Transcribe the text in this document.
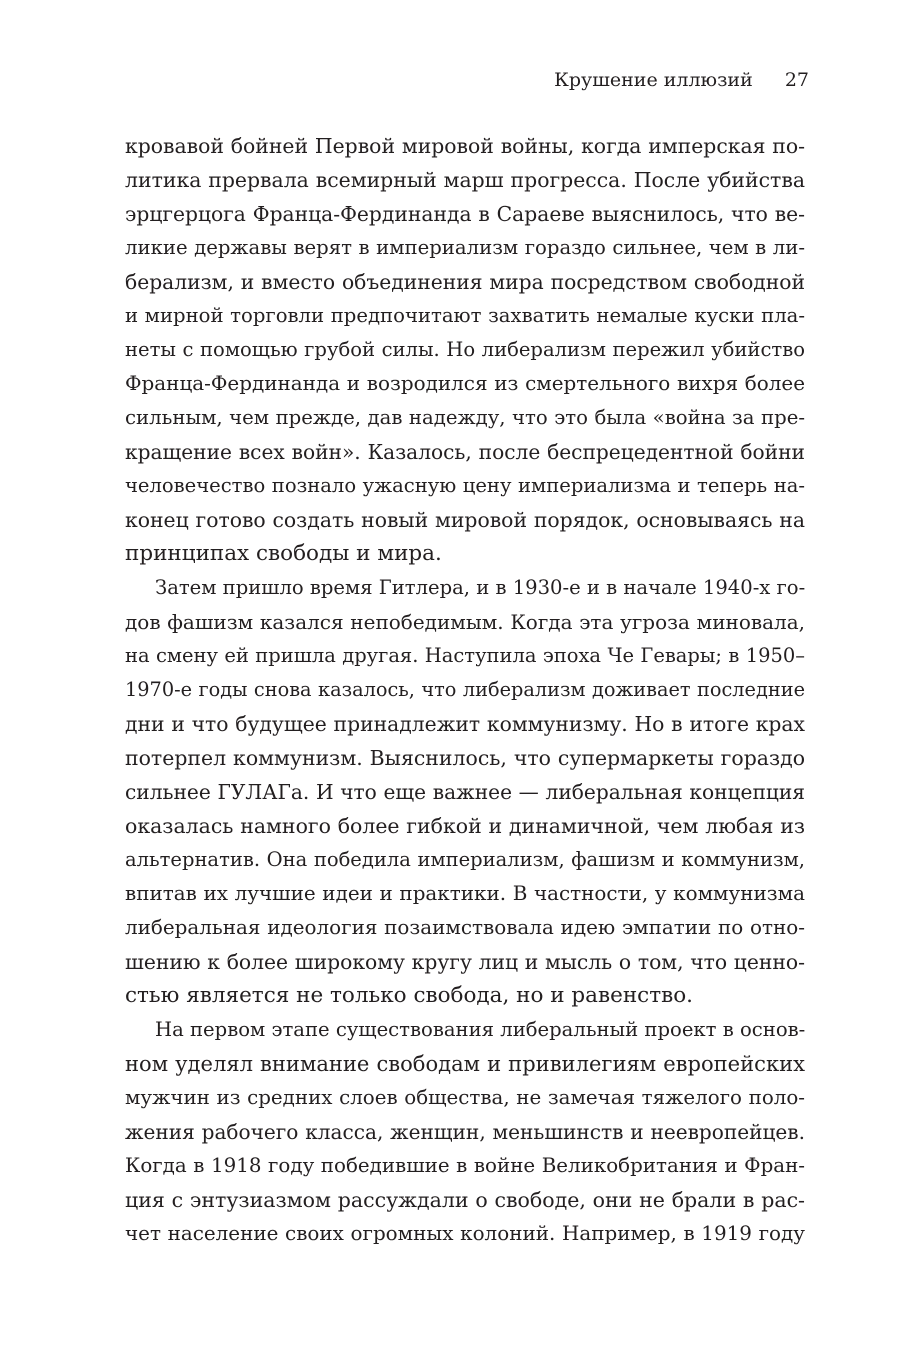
Крушение иллюзий 27
кровавой бойней Первой мировой войны, когда имперская по-
литика прервала всемирный марш прогресса. После убийства
эрцгерцога Франца-Фердинанда в Сараеве выяснилось, что ве-
ликие державы верят в империализм гораздо сильнее, чем в ли-
берализм, и вместо объединения мира посредством свободной
и мирной торговли предпочитают захватить немалые куски пла-
неты с помощью грубой силы. Но либерализм пережил убийство
Франца-Фердинанда и возродился из смертельного вихря более
сильным, чем прежде, дав надежду, что это была «война за пре-
кращение всех войн». Казалось, после беспрецедентной бойни
человечество познало ужасную цену империализма и теперь на-
конец готово создать новый мировой порядок, основываясь на
принципах свободы и мира.
Затем пришло время Гитлера, и в 1930-е и в начале 1940-х го-
дов фашизм казался непобедимым. Когда эта угроза миновала,
на смену ей пришла другая. Наступила эпоха Че Гевары; в 1950–
1970-е годы снова казалось, что либерализм доживает последние
дни и что будущее принадлежит коммунизму. Но в итоге крах
потерпел коммунизм. Выяснилось, что супермаркеты гораздо
сильнее ГУЛАГа. И что еще важнее — либеральная концепция
оказалась намного более гибкой и динамичной, чем любая из
альтернатив. Она победила империализм, фашизм и коммунизм,
впитав их лучшие идеи и практики. В частности, у коммунизма
либеральная идеология позаимствовала идею эмпатии по отно-
шению к более широкому кругу лиц и мысль о том, что ценно-
стью является не только свобода, но и равенство.
На первом этапе существования либеральный проект в основ-
ном уделял внимание свободам и привилегиям европейских
мужчин из средних слоев общества, не замечая тяжелого поло-
жения рабочего класса, женщин, меньшинств и неевропейцев.
Когда в 1918 году победившие в войне Великобритания и Фран-
ция с энтузиазмом рассуждали о свободе, они не брали в рас-
чет население своих огромных колоний. Например, в 1919 году
